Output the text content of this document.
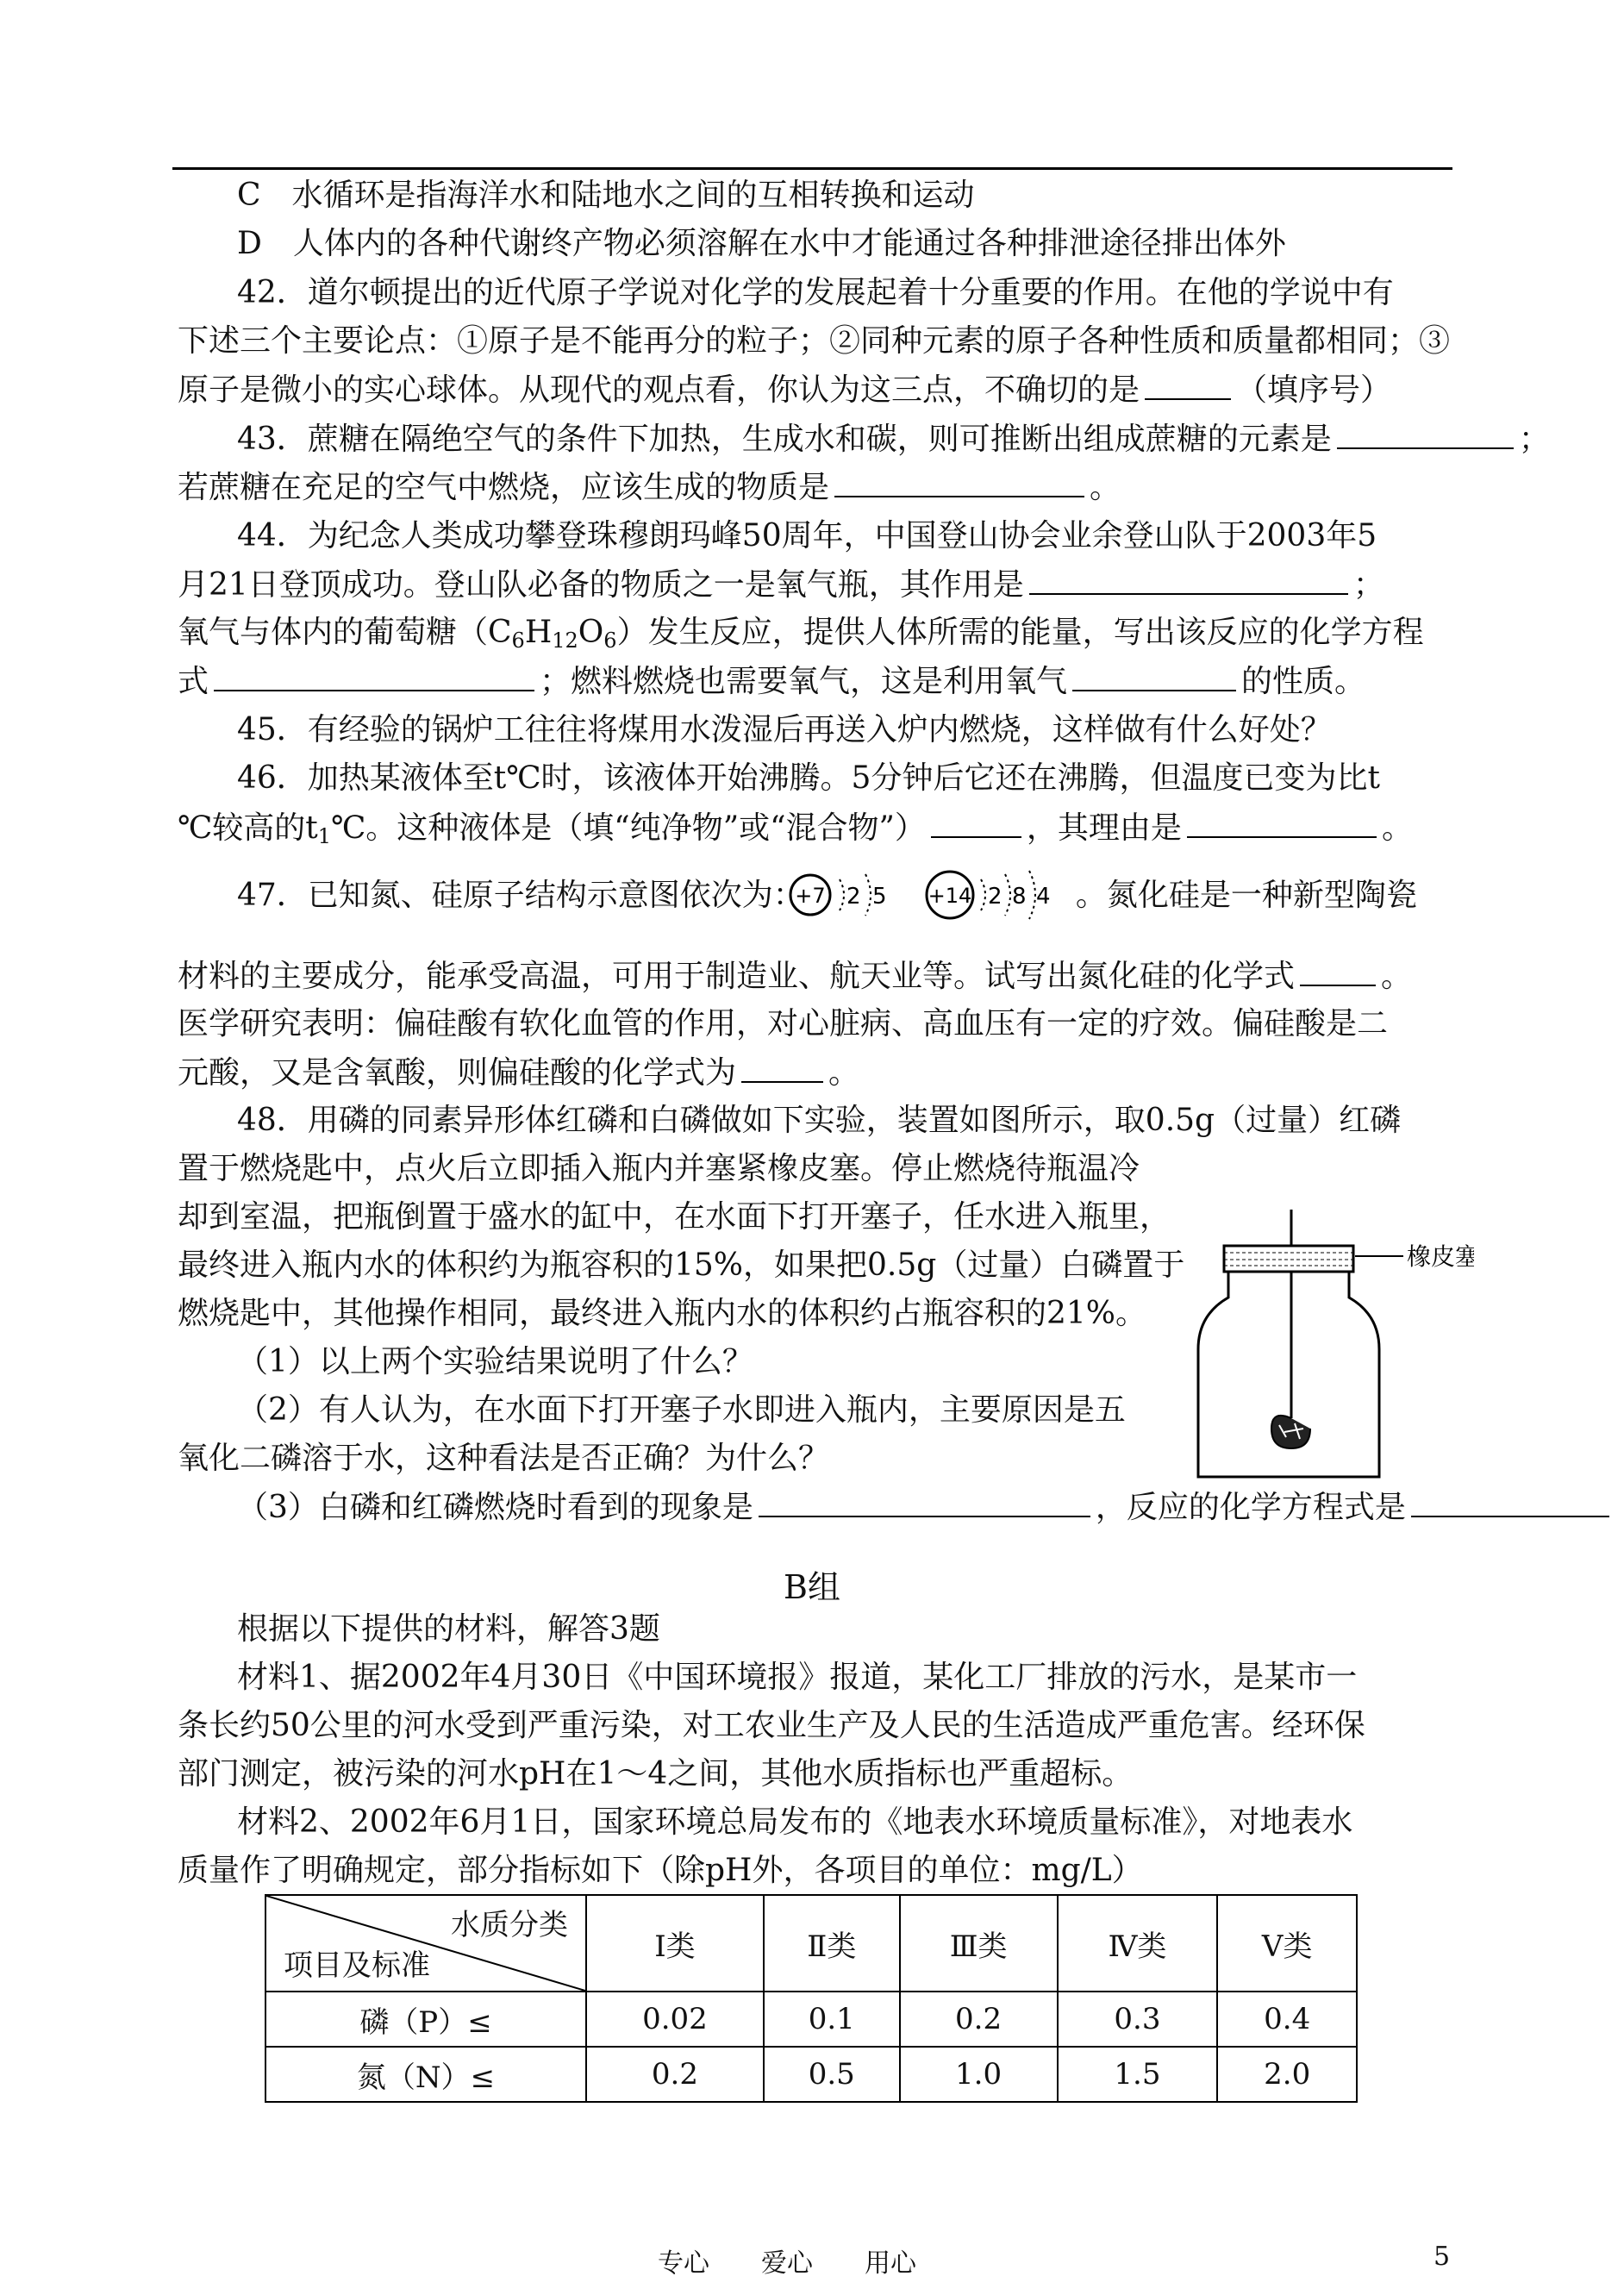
C　水循环是指海洋水和陆地水之间的互相转换和运动
D　人体内的各种代谢终产物必须溶解在水中才能通过各种排泄途径排出体外
42．道尔顿提出的近代原子学说对化学的发展起着十分重要的作用。在他的学说中有
下述三个主要论点：①原子是不能再分的粒子；②同种元素的原子各种性质和质量都相同；③
原子是微小的实心球体。从现代的观点看，你认为这三点，不确切的是	（填序号）
43．蔗糖在隔绝空气的条件下加热，生成水和碳，则可推断出组成蔗糖的元素是	；
若蔗糖在充足的空气中燃烧，应该生成的物质是	。
44．为纪念人类成功攀登珠穆朗玛峰50周年，中国登山协会业余登山队于2003年5
月21日登顶成功。登山队必备的物质之一是氧气瓶，其作用是	；
氧气与体内的葡萄糖$(C_6H_{12}O_6)$发生反应，提供人体所需的能量，写出该反应的化学方程
式	；燃料燃烧也需要氧气，这是利用氧气	的性质。
45．有经验的锅炉工往往将煤用水泼湿后再送入炉内燃烧，这样做有什么好处？
46．加热某液体至t℃时，该液体开始沸腾。5分钟后它还在沸腾，但温度已变为比t
℃较高的$t_1℃$。这种液体是（填“纯净物”或“混合物”）	，其理由是	。
47．已知氮、硅原子结构示意图依次为：	。氮化硅是一种新型陶瓷
+7 2 5 +14 2 8 4
材料的主要成分，能承受高温，可用于制造业、航天业等。试写出氮化硅的化学式	。
医学研究表明：偏硅酸有软化血管的作用，对心脏病、高血压有一定的疗效。偏硅酸是二
元酸，又是含氧酸，则偏硅酸的化学式为	。
48．用磷的同素异形体红磷和白磷做如下实验，装置如图所示，取0.5g（过量）红磷
置于燃烧匙中，点火后立即插入瓶内并塞紧橡皮塞。停止燃烧待瓶温冷
却到室温，把瓶倒置于盛水的缸中，在水面下打开塞子，任水进入瓶里，
最终进入瓶内水的体积约为瓶容积的15%，如果把0.5g（过量）白磷置于
燃烧匙中，其他操作相同，最终进入瓶内水的体积约占瓶容积的21%。
（1）以上两个实验结果说明了什么？
（2）有人认为，在水面下打开塞子水即进入瓶内，主要原因是五
氧化二磷溶于水，这种看法是否正确？为什么？
（3）白磷和红磷燃烧时看到的现象是	，反应的化学方程式是
橡皮塞
B组
根据以下提供的材料，解答3题
材料1、据2002年4月30日《中国环境报》报道，某化工厂排放的污水，是某市一
条长约50公里的河水受到严重污染，对工农业生产及人民的生活造成严重危害。经环保
部门测定，被污染的河水pH在1～4之间，其他水质指标也严重超标。
材料2、2002年6月1日，国家环境总局发布的《地表水环境质量标准》，对地表水
质量作了明确规定，部分指标如下（除pH外，各项目的单位：mg/L）
水质分类
项目及标准	Ⅰ类	Ⅱ类	Ⅲ类	Ⅳ类	Ⅴ类
磷（P）≤	0.02	0.1	0.2	0.3	0.4
氮（N）≤	0.2	0.5	1.0	1.5	2.0
专心　　爱心　　用心	5
